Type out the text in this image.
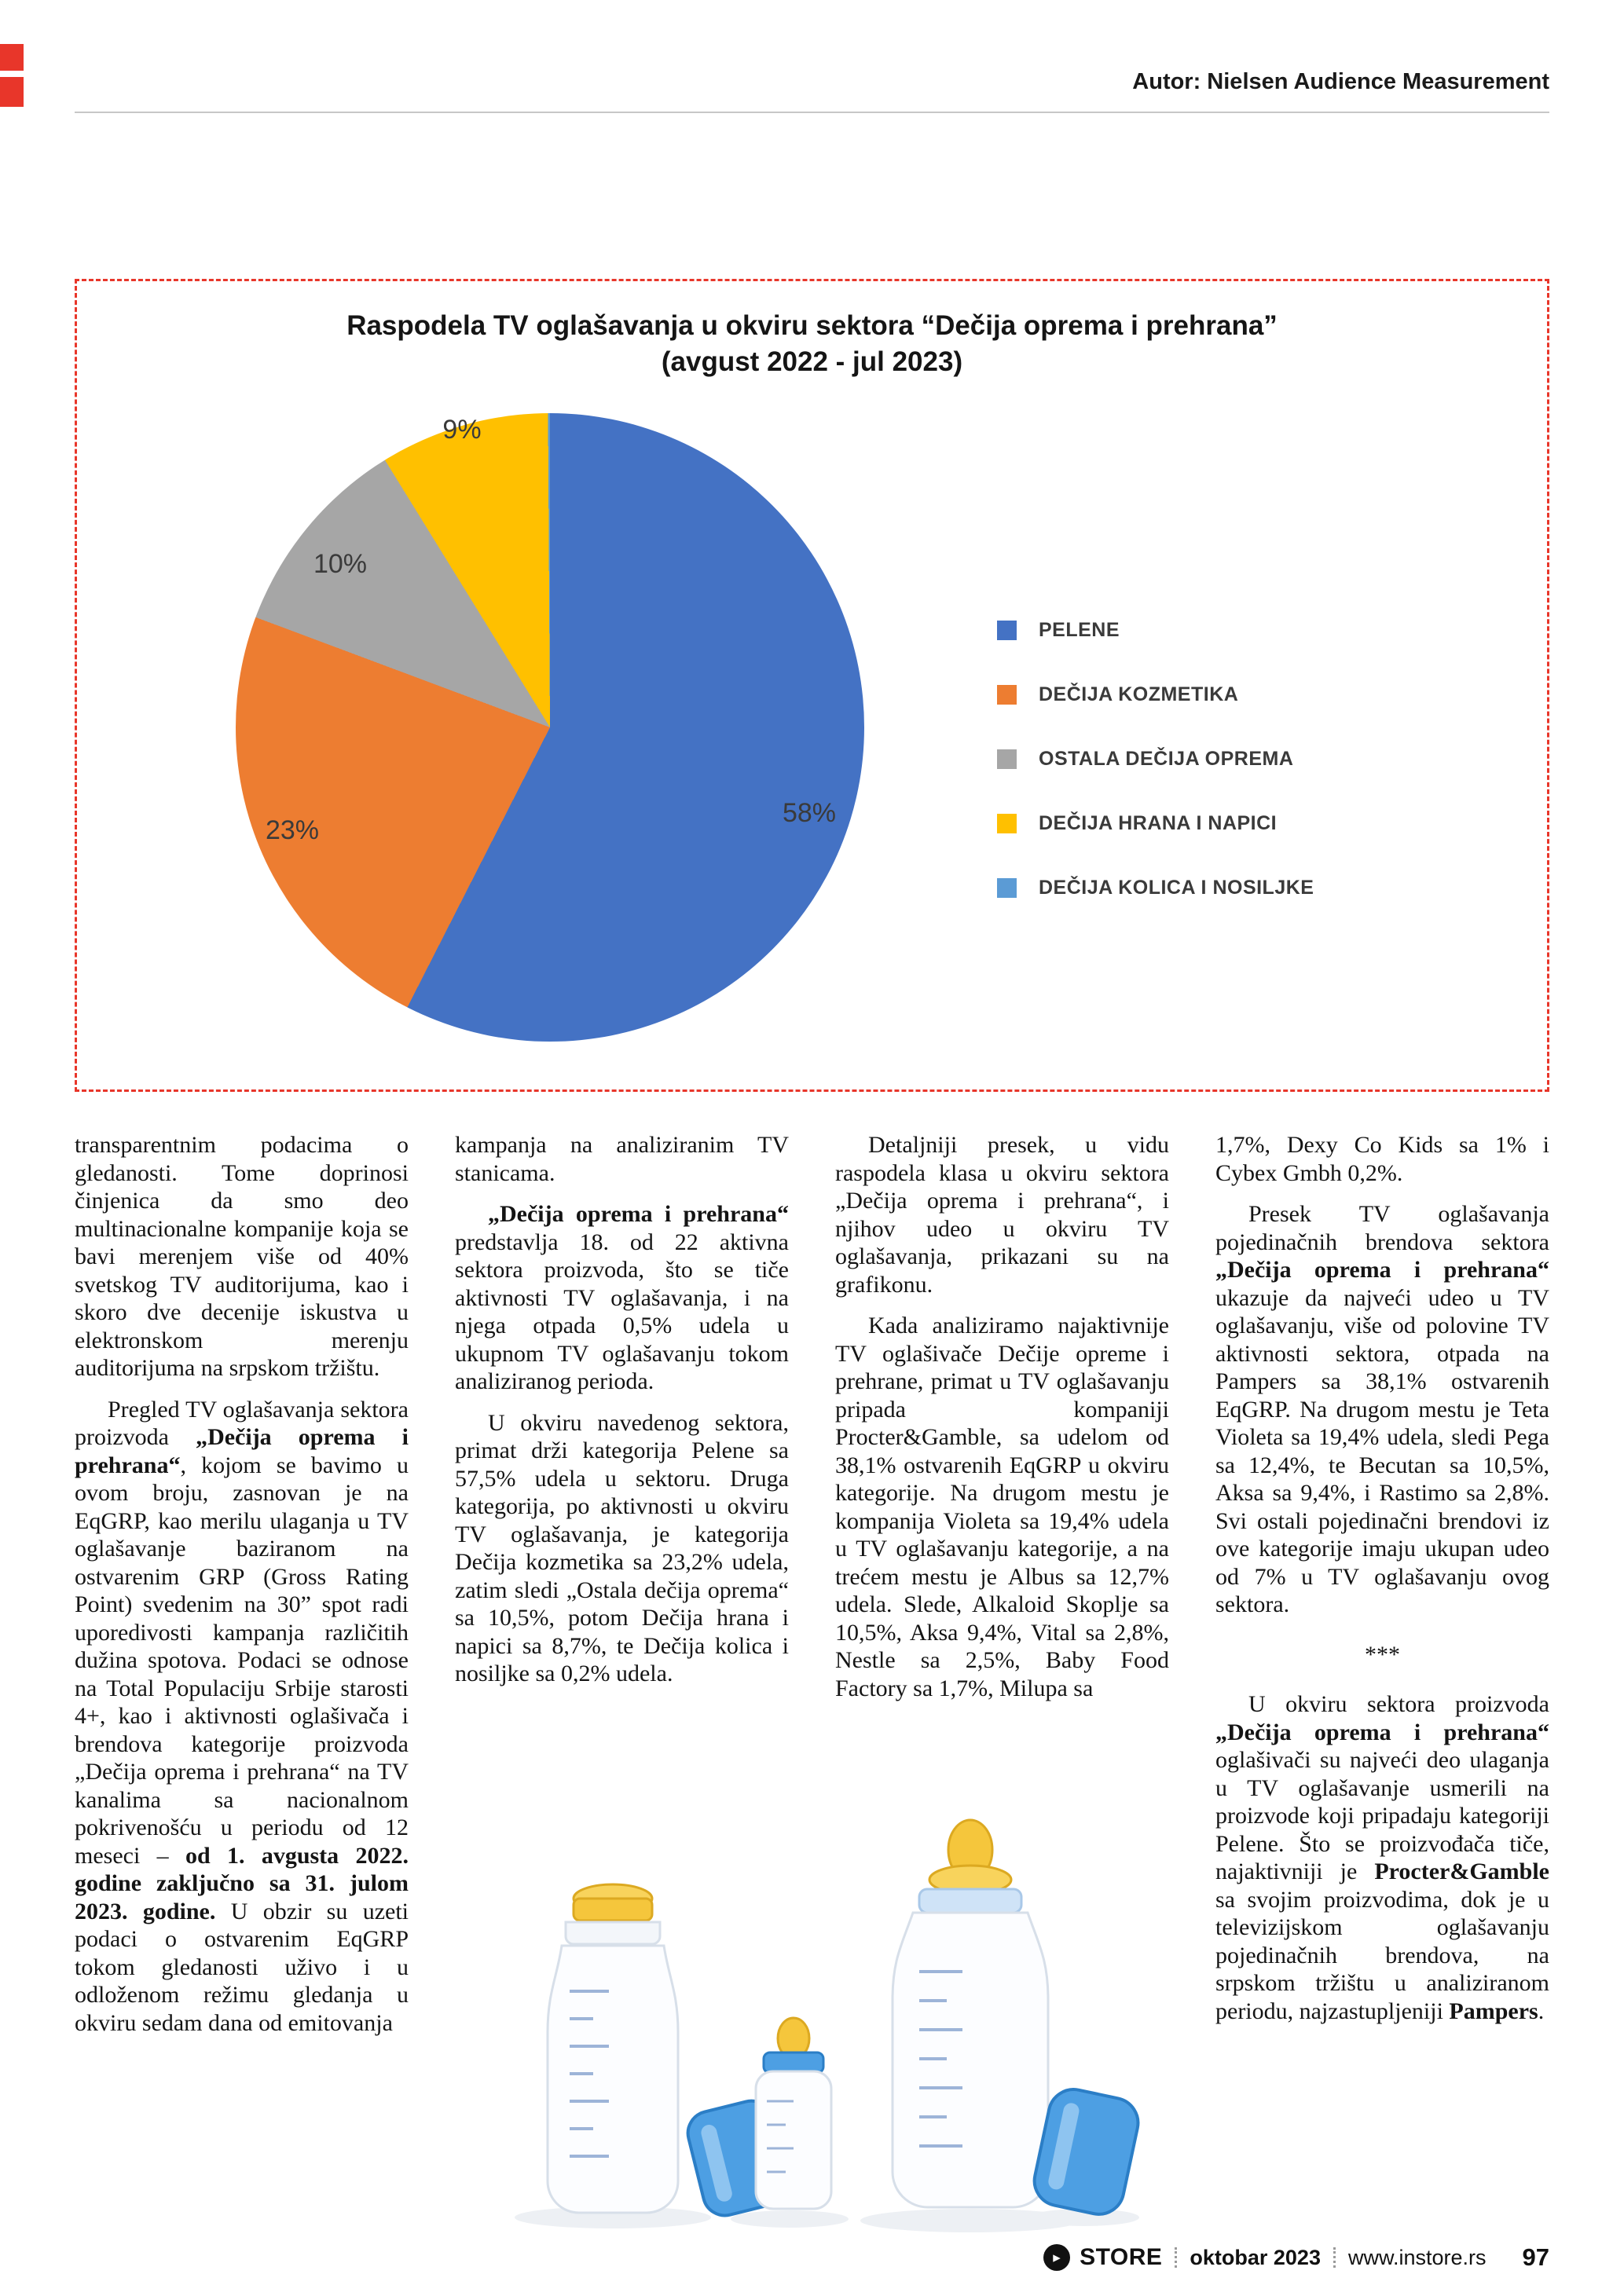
Autor: Nielsen Audience Measurement
Raspodela TV oglašavanja u okviru sektora “Dečija oprema i prehrana”
(avgust 2022 - jul 2023)
9%
10%
23%
58%
PELENE
DEČIJA KOZMETIKA
OSTALA DEČIJA OPREMA
DEČIJA HRANA I NAPICI
DEČIJA KOLICA I NOSILJKE

transparentnim podacima o gledanosti. Tome doprinosi činjenica da smo deo multinacionalne kompanije koja se bavi merenjem više od 40% svetskog TV auditorijuma, kao i skoro dve decenije iskustva u elektronskom merenju auditorijuma na srpskom tržištu.

Pregled TV oglašavanja sektora proizvoda „Dečija oprema i prehrana“, kojom se bavimo u ovom broju, zasnovan je na EqGRP, kao merilu ulaganja u TV oglašavanje baziranom na ostvarenim GRP (Gross Rating Point) svedenim na 30” spot radi uporedivosti kampanja različitih dužina spotova. Podaci se odnose na Total Populaciju Srbije starosti 4+, kao i aktivnosti oglašivača i brendova kategorije proizvoda „Dečija oprema i prehrana“ na TV kanalima sa nacionalnom pokrivenošću u periodu od 12 meseci – od 1. avgusta 2022. godine zaključno sa 31. julom 2023. godine. U obzir su uzeti podaci o ostvarenim EqGRP tokom gledanosti uživo i u odloženom režimu gledanja u okviru sedam dana od emitovanja

kampanja na analiziranim TV stanicama.

„Dečija oprema i prehrana“ predstavlja 18. od 22 aktivna sektora proizvoda, što se tiče aktivnosti TV oglašavanja, i na njega otpada 0,5% udela u ukupnom TV oglašavanju tokom analiziranog perioda.

U okviru navedenog sektora, primat drži kategorija Pelene sa 57,5% udela u sektoru. Druga kategorija, po aktivnosti u okviru TV oglašavanja, je kategorija Dečija kozmetika sa 23,2% udela, zatim sledi „Ostala dečija oprema“ sa 10,5%, potom Dečija hrana i napici sa 8,7%, te Dečija kolica i nosiljke sa 0,2% udela.

Detaljniji presek, u vidu raspodela klasa u okviru sektora „Dečija oprema i prehrana“, i njihov udeo u okviru TV oglašavanja, prikazani su na grafikonu.

Kada analiziramo najaktivnije TV oglašivače Dečije opreme i prehrane, primat u TV oglašavanju pripada kompaniji Procter&Gamble, sa udelom od 38,1% ostvarenih EqGRP u okviru kategorije. Na drugom mestu je kompanija Violeta sa 19,4% udela u TV oglašavanju kategorije, a na trećem mestu je Albus sa 12,7% udela. Slede, Alkaloid Skoplje sa 10,5%, Aksa 9,4%, Vital sa 2,8%, Nestle sa 2,5%, Baby Food Factory sa 1,7%, Milupa sa

1,7%, Dexy Co Kids sa 1% i Cybex Gmbh 0,2%.

Presek TV oglašavanja pojedinačnih brendova sektora „Dečija oprema i prehrana“ ukazuje da najveći udeo u TV oglašavanju, više od polovine TV aktivnosti sektora, otpada na Pampers sa 38,1% ostvarenih EqGRP. Na drugom mestu je Teta Violeta sa 19,4% udela, sledi Pega sa 12,4%, te Becutan sa 10,5%, Aksa sa 9,4%, i Rastimo sa 2,8%. Svi ostali pojedinačni brendovi iz ove kategorije imaju ukupan udeo od 7% u TV oglašavanju ovog sektora.

***

U okviru sektora proizvoda „Dečija oprema i prehrana“ oglašivači su najveći deo ulaganja u TV oglašavanje usmerili na proizvode koji pripadaju kategoriji Pelene. Što se proizvođača tiče, najaktivniji je Procter&Gamble sa svojim proizvodima, dok je u televizijskom oglašavanju pojedinačnih brendova, na srpskom tržištu u analiziranom periodu, najzastupljeniji Pampers.

▸ STORE oktobar 2023 www.instore.rs 97
